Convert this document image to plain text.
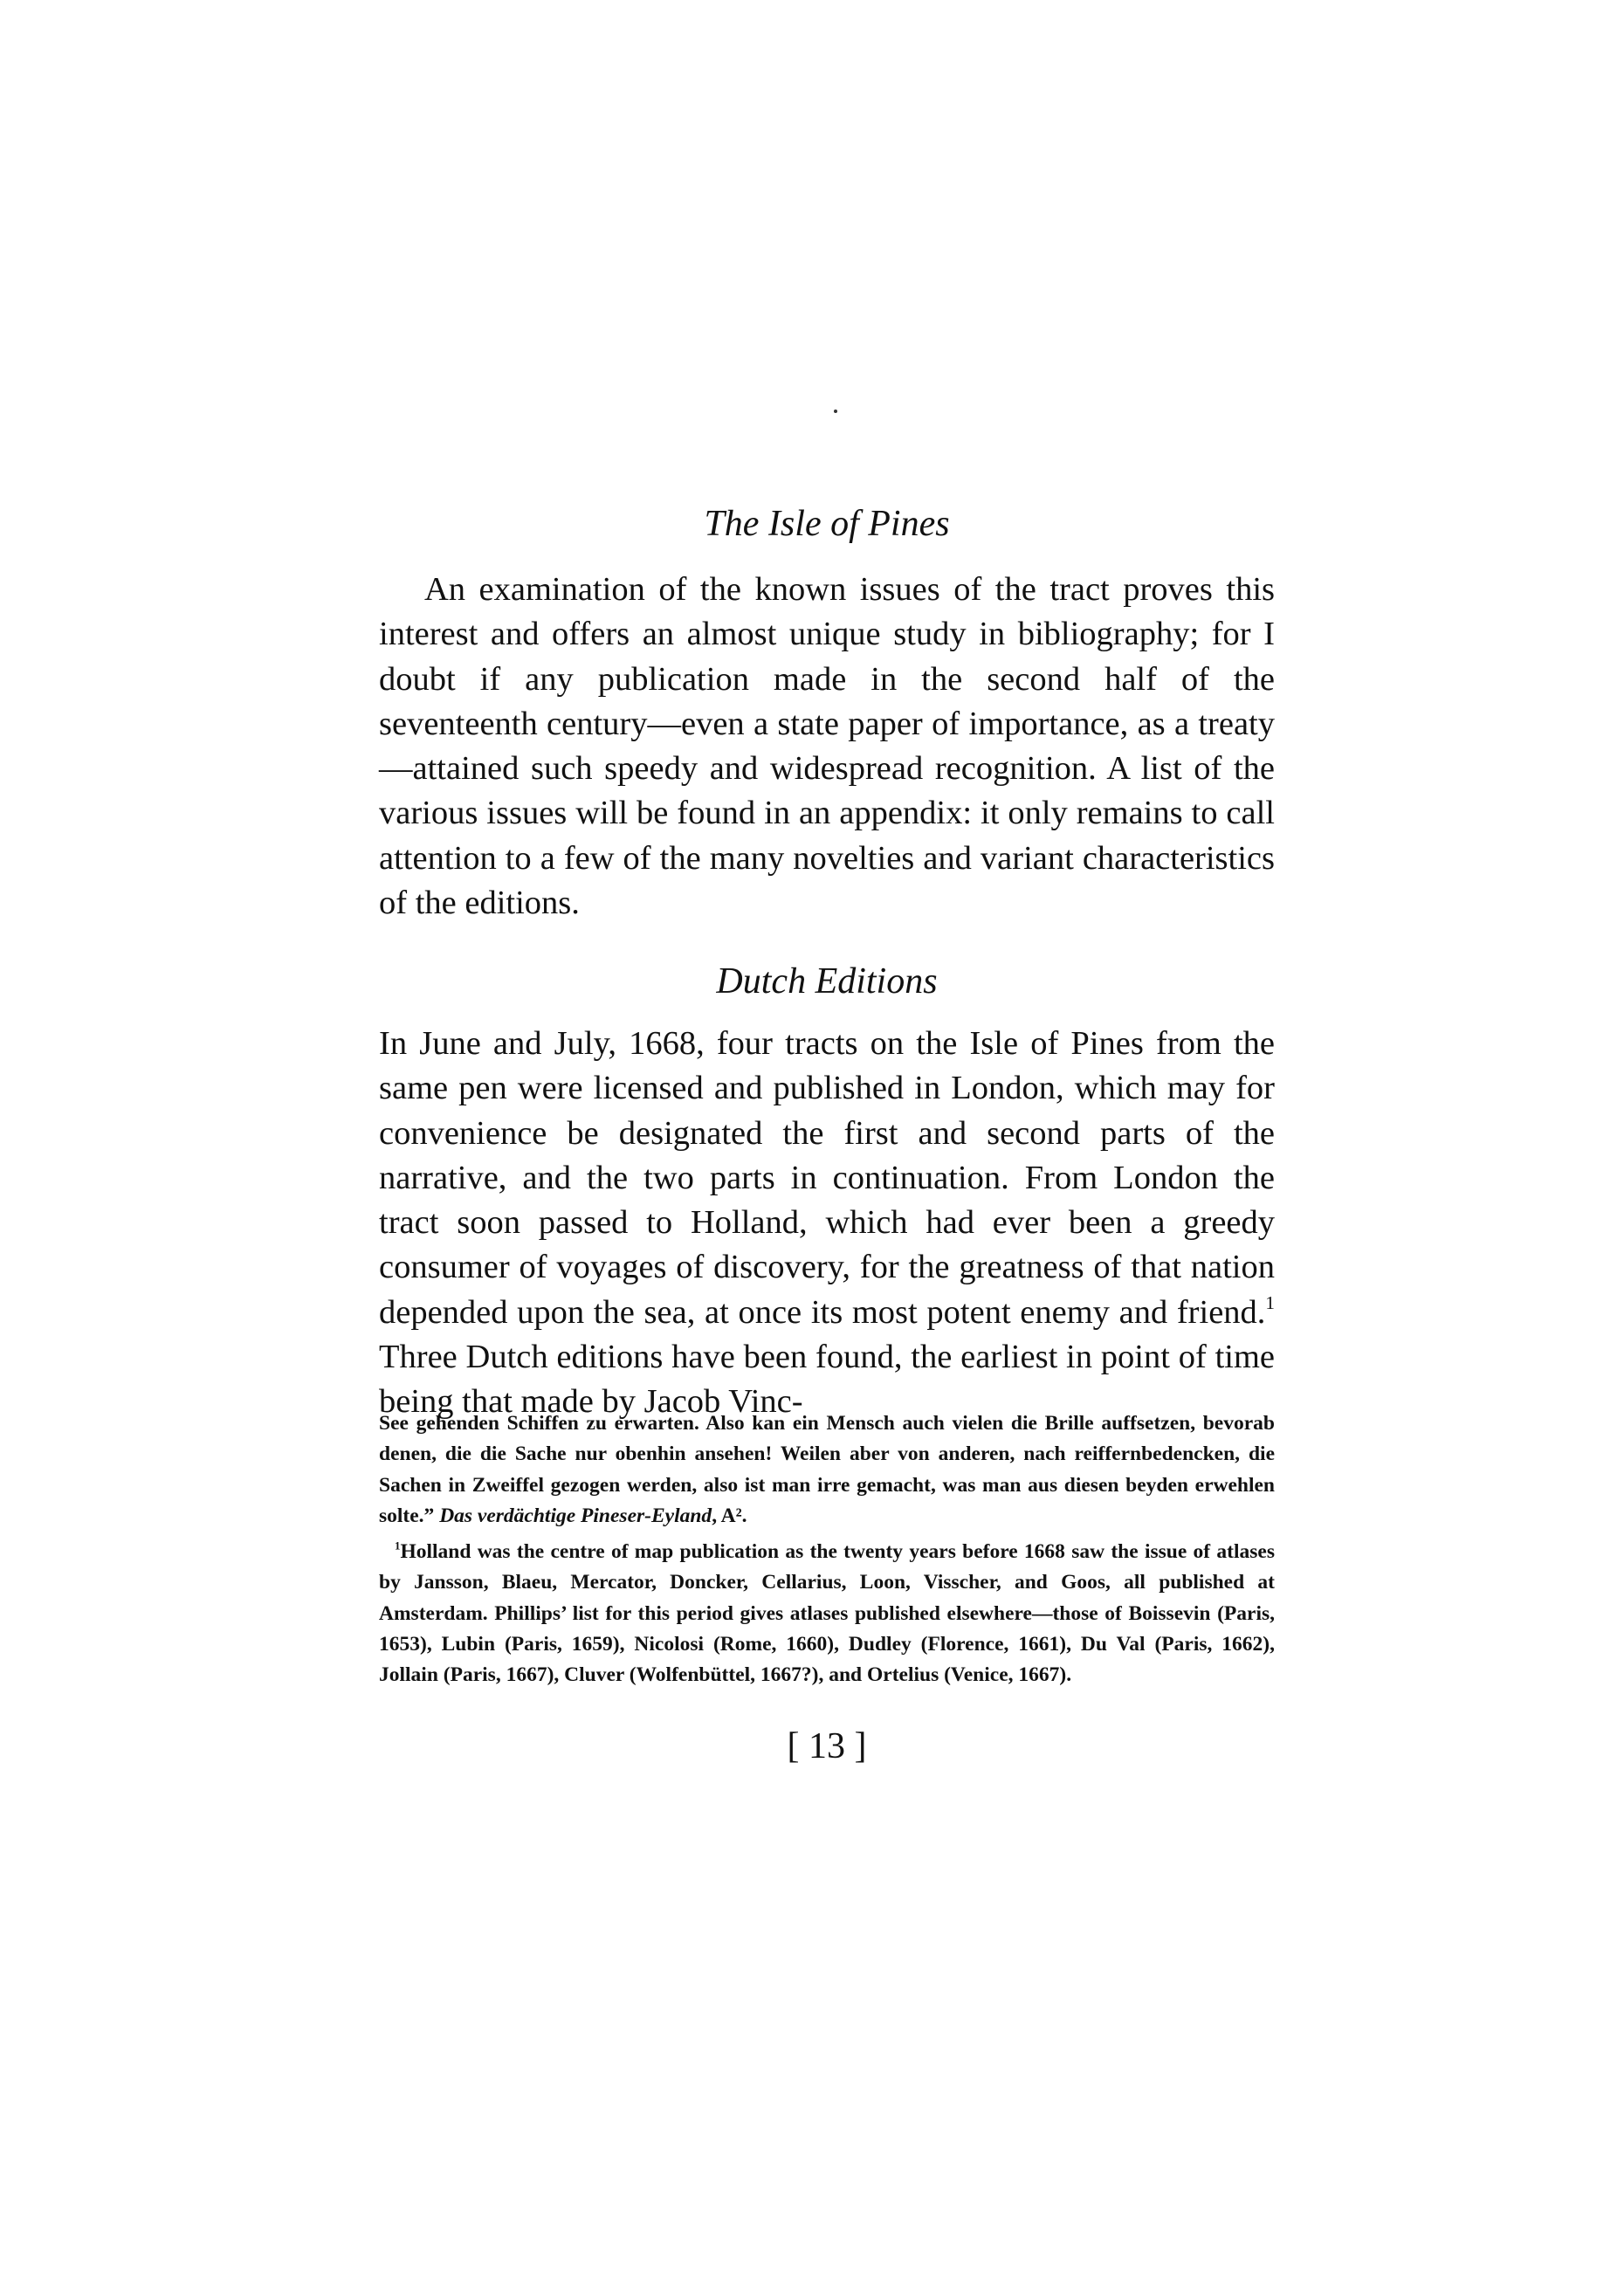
The Isle of Pines

An examination of the known issues of the tract proves this interest and offers an almost unique study in bibliography; for I doubt if any publication made in the second half of the seventeenth century—even a state paper of importance, as a treaty—attained such speedy and widespread recognition. A list of the various issues will be found in an appendix: it only remains to call attention to a few of the many novelties and variant characteristics of the editions.

Dutch Editions

In June and July, 1668, four tracts on the Isle of Pines from the same pen were licensed and published in London, which may for convenience be designated the first and second parts of the narrative, and the two parts in continuation. From London the tract soon passed to Holland, which had ever been a greedy consumer of voyages of discovery, for the greatness of that nation depended upon the sea, at once its most potent enemy and friend.$^1$ Three Dutch editions have been found, the earliest in point of time being that made by Jacob Vinc-

See gehenden Schiffen zu erwarten. Also kan ein Mensch auch vielen die Brille auffsetzen, bevorab denen, die die Sache nur obenhin ansehen! Weilen aber von anderen, nach reiffernbedencken, die Sachen in Zweiffel gezogen werden, also ist man irre gemacht, was man aus diesen beyden erwehlen solte.” Das verdächtige Pineser-Eyland, A².

$^1$Holland was the centre of map publication as the twenty years before 1668 saw the issue of atlases by Jansson, Blaeu, Mercator, Doncker, Cellarius, Loon, Visscher, and Goos, all published at Amsterdam. Phillips’ list for this period gives atlases published elsewhere—those of Boissevin (Paris, 1653), Lubin (Paris, 1659), Nicolosi (Rome, 1660), Dudley (Florence, 1661), Du Val (Paris, 1662), Jollain (Paris, 1667), Cluver (Wolfenbüttel, 1667?), and Ortelius (Venice, 1667).

[ 13 ]
